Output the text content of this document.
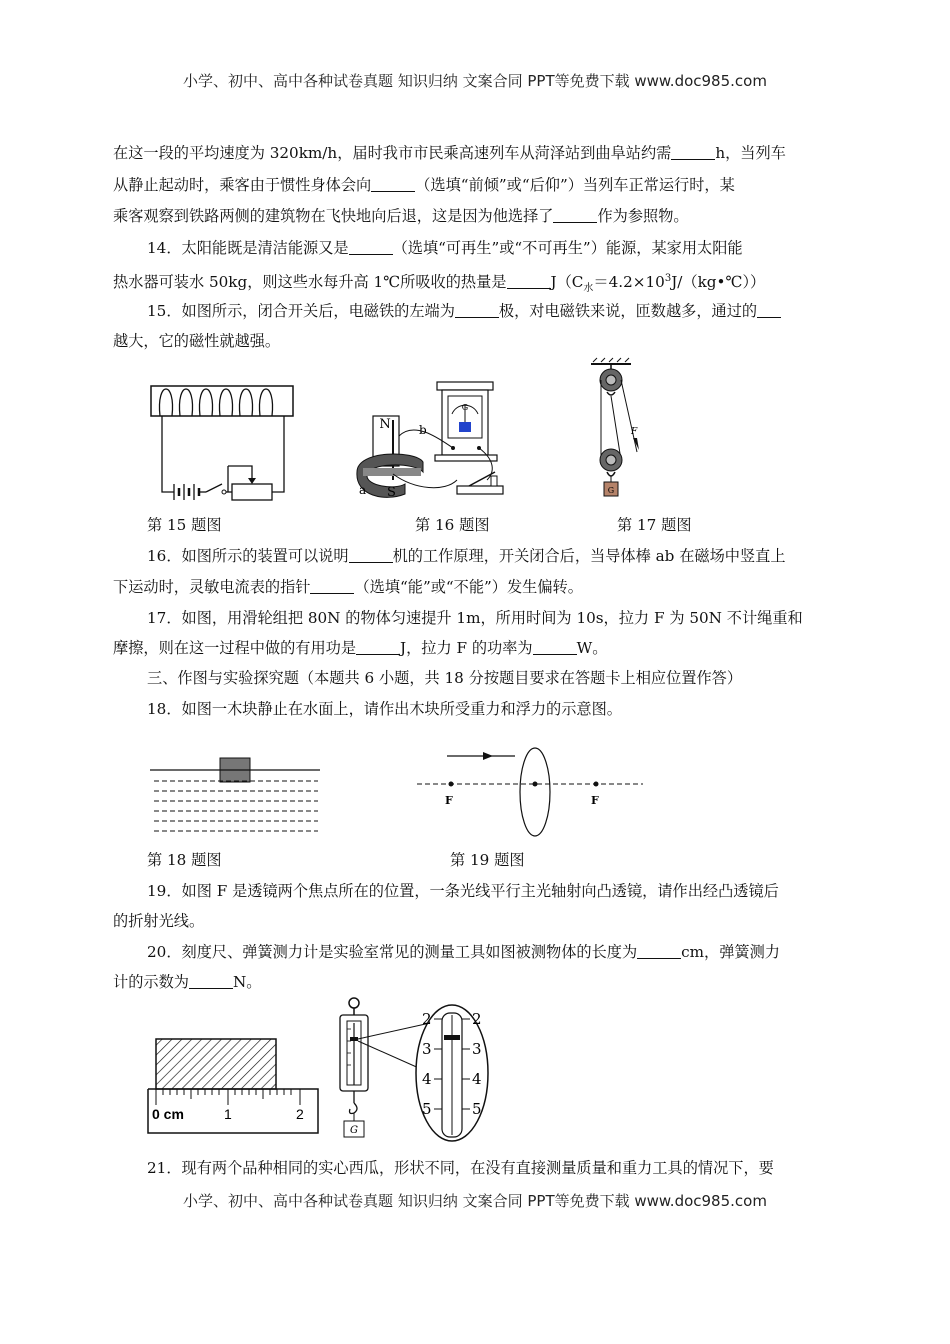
小学、初中、高中各种试卷真题 知识归纳 文案合同 PPT等免费下载 www.doc985.com
在这一段的平均速度为 320km/h，届时我市市民乘高速列车从菏泽站到曲阜站约需	h，当列车
从静止起动时，乘客由于惯性身体会向	（选填“前倾”或“后仰”）当列车正常运行时，某
乘客观察到铁路两侧的建筑物在飞快地向后退，这是因为他选择了	作为参照物。
14．太阳能既是清洁能源又是	（选填“可再生”或“不可再生”）能源，某家用太阳能
热水器可装水 50kg，则这些水每升高 1℃所吸收的热量是	$J(C_水=4.2\times 10^3J/(kg•℃))$
15．如图所示，闭合开关后，电磁铁的左端为	极，对电磁铁来说，匝数越多，通过的
越大，它的磁性就越强。
G
N
a
b
S
F
G
第 15 题图	第 16 题图	第 17 题图
16．如图所示的装置可以说明	机的工作原理，开关闭合后，当导体棒 ab 在磁场中竖直上
下运动时，灵敏电流表的指针	（选填“能”或“不能”）发生偏转。
17．如图，用滑轮组把 80N 的物体匀速提升 1m，所用时间为 10s，拉力 F 为 50N 不计绳重和
摩擦，则在这一过程中做的有用功是	J，拉力 F 的功率为	W。
三、作图与实验探究题（本题共 6 小题，共 18 分按题目要求在答题卡上相应位置作答）
18．如图一木块静止在水面上，请作出木块所受重力和浮力的示意图。
F	F
第 18 题图	第 19 题图
19．如图 F 是透镜两个焦点所在的位置，一条光线平行主光轴射向凸透镜，请作出经凸透镜后
的折射光线。
20．刻度尺、弹簧测力计是实验室常见的测量工具如图被测物体的长度为	cm，弹簧测力
计的示数为	N。
0 cm	1	2
G
2	2
3	3
4	4
5	5
21．现有两个品种相同的实心西瓜，形状不同，在没有直接测量质量和重力工具的情况下，要
小学、初中、高中各种试卷真题 知识归纳 文案合同 PPT等免费下载 www.doc985.com
